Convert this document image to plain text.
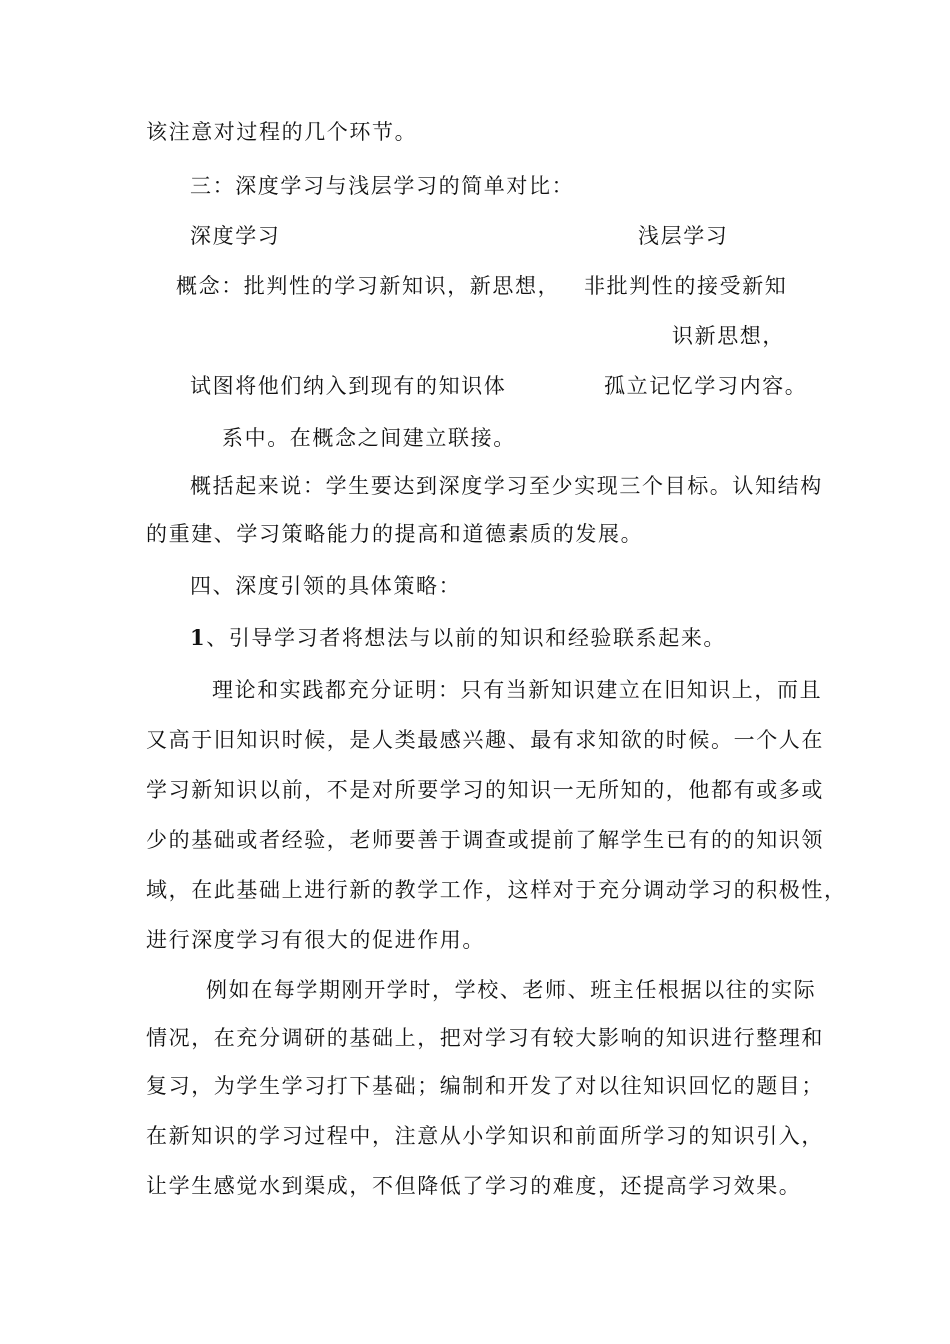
该注意对过程的几个环节。
三：深度学习与浅层学习的简单对比：
深度学习	浅层学习
概念：批判性的学习新知识，新思想， 非批判性的接受新知
识新思想，
试图将他们纳入到现有的知识体	孤立记忆学习内容。
系中。在概念之间建立联接。
概括起来说：学生要达到深度学习至少实现三个目标。认知结构
的重建、学习策略能力的提高和道德素质的发展。
四、深度引领的具体策略：
1、引导学习者将想法与以前的知识和经验联系起来。
理论和实践都充分证明：只有当新知识建立在旧知识上，而且
又高于旧知识时候，是人类最感兴趣、最有求知欲的时候。一个人在
学习新知识以前，不是对所要学习的知识一无所知的，他都有或多或
少的基础或者经验，老师要善于调查或提前了解学生已有的的知识领
域，在此基础上进行新的教学工作，这样对于充分调动学习的积极性，
进行深度学习有很大的促进作用。
例如在每学期刚开学时，学校、老师、班主任根据以往的实际
情况，在充分调研的基础上，把对学习有较大影响的知识进行整理和
复习，为学生学习打下基础；编制和开发了对以往知识回忆的题目；
在新知识的学习过程中，注意从小学知识和前面所学习的知识引入，
让学生感觉水到渠成，不但降低了学习的难度，还提高学习效果。
